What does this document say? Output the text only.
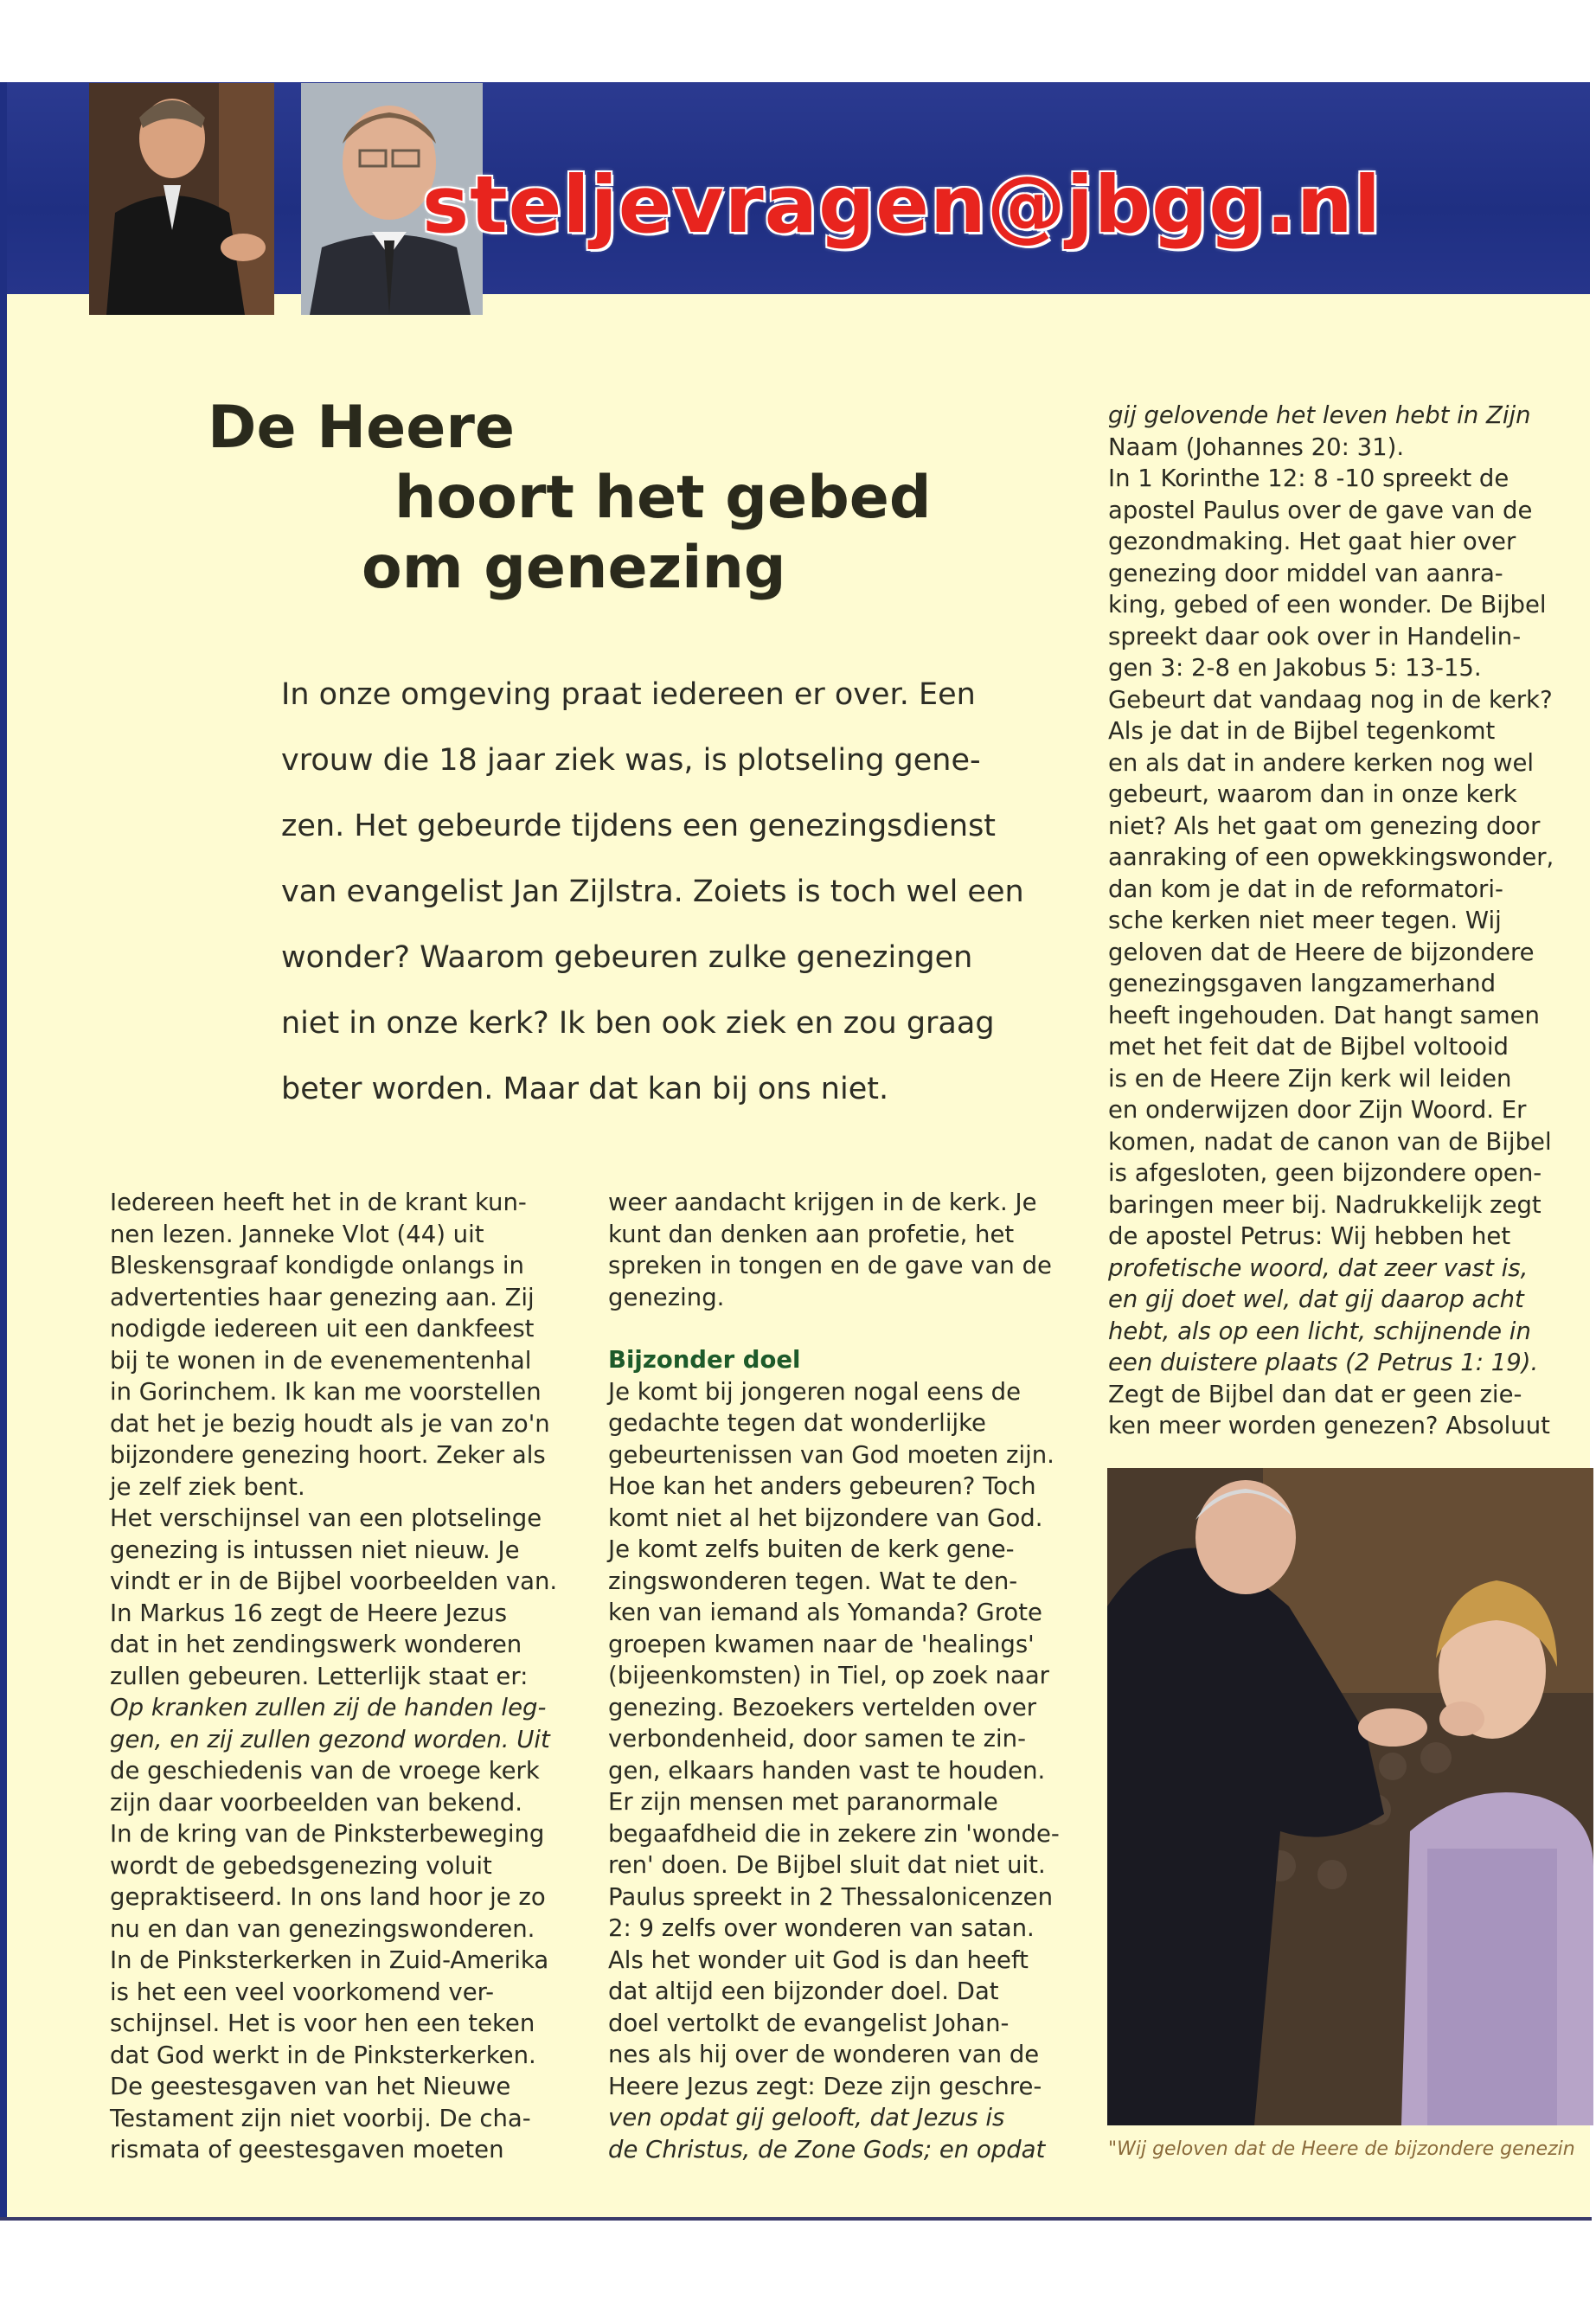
steljevragen@jbgg.nl
De Heere
hoort het gebed
om genezing

In onze omgeving praat iedereen er over. Een

vrouw die 18 jaar ziek was, is plotseling gene-

zen. Het gebeurde tijdens een genezingsdienst

van evangelist Jan Zijlstra. Zoiets is toch wel een

wonder? Waarom gebeuren zulke genezingen

niet in onze kerk? Ik ben ook ziek en zou graag

beter worden. Maar dat kan bij ons niet.

Iedereen heeft het in de krant kun-

nen lezen. Janneke Vlot (44) uit

Bleskensgraaf kondigde onlangs in

advertenties haar genezing aan. Zij

nodigde iedereen uit een dankfeest

bij te wonen in de evenementenhal

in Gorinchem. Ik kan me voorstellen

dat het je bezig houdt als je van zo'n

bijzondere genezing hoort. Zeker als

je zelf ziek bent.

Het verschijnsel van een plotselinge

genezing is intussen niet nieuw. Je

vindt er in de Bijbel voorbeelden van.

In Markus 16 zegt de Heere Jezus

dat in het zendingswerk wonderen

zullen gebeuren. Letterlijk staat er:

Op kranken zullen zij de handen leg-

gen, en zij zullen gezond worden. Uit

de geschiedenis van de vroege kerk

zijn daar voorbeelden van bekend.

In de kring van de Pinksterbeweging

wordt de gebedsgenezing voluit

gepraktiseerd. In ons land hoor je zo

nu en dan van genezingswonderen.

In de Pinksterkerken in Zuid-Amerika

is het een veel voorkomend ver-

schijnsel. Het is voor hen een teken

dat God werkt in de Pinksterkerken.

De geestesgaven van het Nieuwe

Testament zijn niet voorbij. De cha-

rismata of geestesgaven moeten

weer aandacht krijgen in de kerk. Je

kunt dan denken aan profetie, het

spreken in tongen en de gave van de

genezing.

Bijzonder doel

Je komt bij jongeren nogal eens de

gedachte tegen dat wonderlijke

gebeurtenissen van God moeten zijn.

Hoe kan het anders gebeuren? Toch

komt niet al het bijzondere van God.

Je komt zelfs buiten de kerk gene-

zingswonderen tegen. Wat te den-

ken van iemand als Yomanda? Grote

groepen kwamen naar de 'healings'

(bijeenkomsten) in Tiel, op zoek naar

genezing. Bezoekers vertelden over

verbondenheid, door samen te zin-

gen, elkaars handen vast te houden.

Er zijn mensen met paranormale

begaafdheid die in zekere zin 'wonde-

ren' doen. De Bijbel sluit dat niet uit.

Paulus spreekt in 2 Thessalonicenzen

2: 9 zelfs over wonderen van satan.

Als het wonder uit God is dan heeft

dat altijd een bijzonder doel. Dat

doel vertolkt de evangelist Johan-

nes als hij over de wonderen van de

Heere Jezus zegt: Deze zijn geschre-

ven opdat gij gelooft, dat Jezus is

de Christus, de Zone Gods; en opdat

gij gelovende het leven hebt in Zijn

Naam (Johannes 20: 31).

In 1 Korinthe 12: 8 -10 spreekt de

apostel Paulus over de gave van de

gezondmaking. Het gaat hier over

genezing door middel van aanra-

king, gebed of een wonder. De Bijbel

spreekt daar ook over in Handelin-

gen 3: 2-8 en Jakobus 5: 13-15.

Gebeurt dat vandaag nog in de kerk?

Als je dat in de Bijbel tegenkomt

en als dat in andere kerken nog wel

gebeurt, waarom dan in onze kerk

niet? Als het gaat om genezing door

aanraking of een opwekkingswonder,

dan kom je dat in de reformatori-

sche kerken niet meer tegen. Wij

geloven dat de Heere de bijzondere

genezingsgaven langzamerhand

heeft ingehouden. Dat hangt samen

met het feit dat de Bijbel voltooid

is en de Heere Zijn kerk wil leiden

en onderwijzen door Zijn Woord. Er

komen, nadat de canon van de Bijbel

is afgesloten, geen bijzondere open-

baringen meer bij. Nadrukkelijk zegt

de apostel Petrus: Wij hebben het

profetische woord, dat zeer vast is,

en gij doet wel, dat gij daarop acht

hebt, als op een licht, schijnende in

een duistere plaats (2 Petrus 1: 19).

Zegt de Bijbel dan dat er geen zie-

ken meer worden genezen? Absoluut

"Wij geloven dat de Heere de bijzondere genezin
